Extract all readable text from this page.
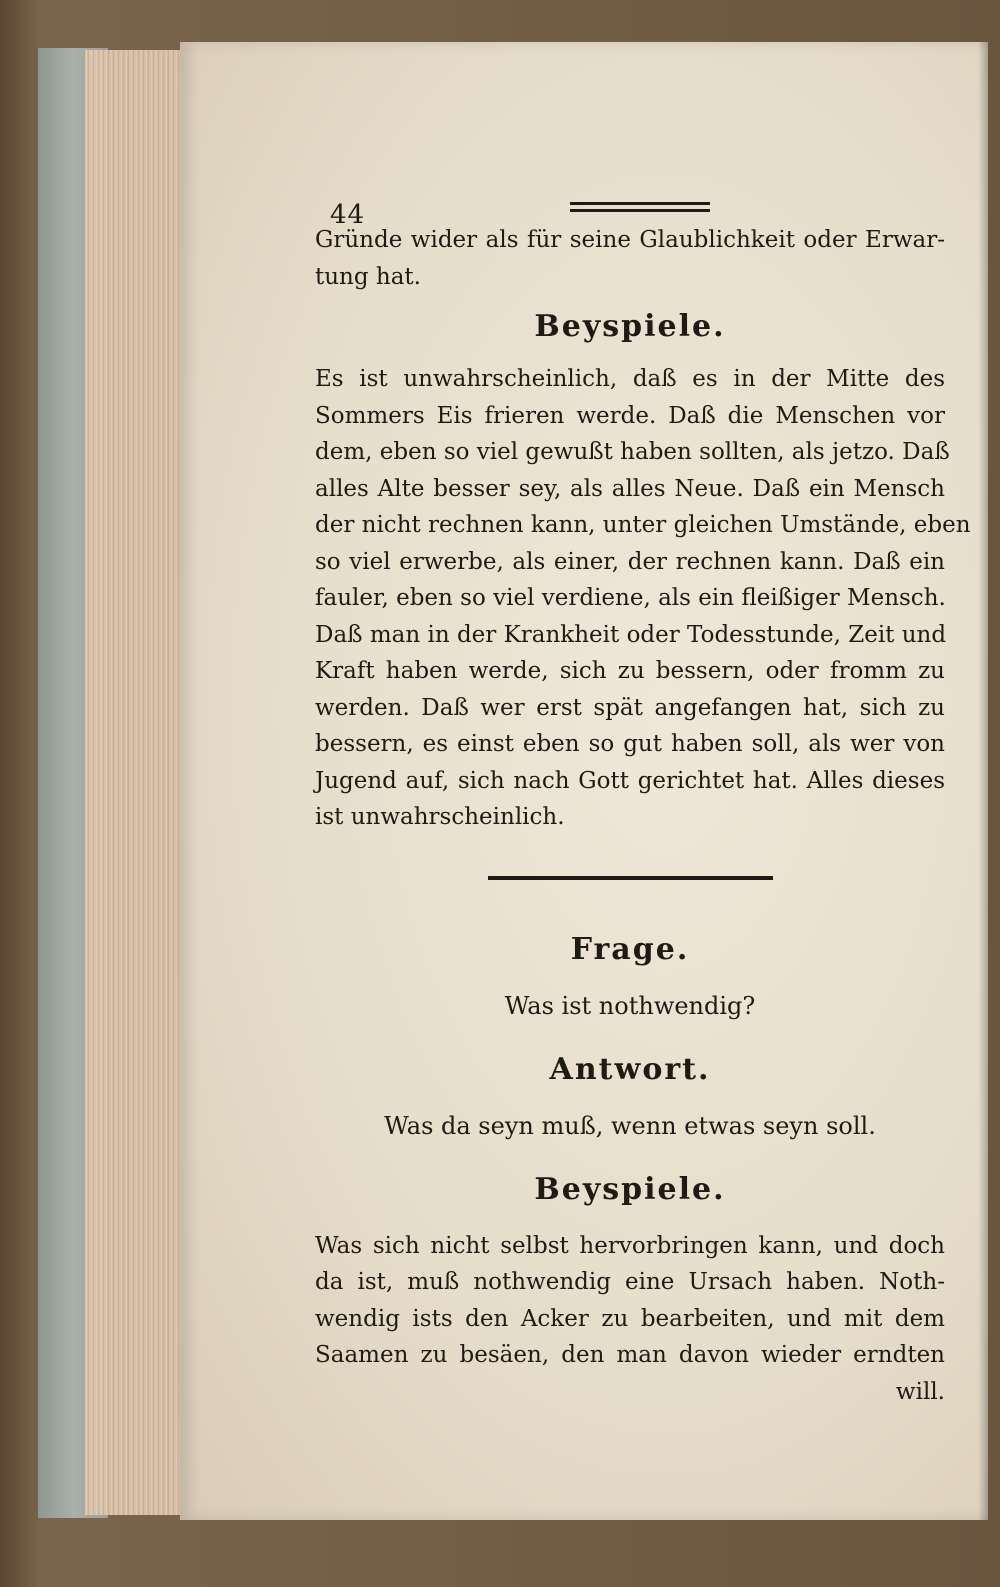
44
Gründe wider als für seine Glaublichkeit oder Erwar-
tung hat.
Beyspiele.
Es ist unwahrscheinlich, daß es in der Mitte des
Sommers Eis frieren werde. Daß die Menschen vor
dem, eben so viel gewußt haben sollten, als jetzo. Daß
alles Alte besser sey, als alles Neue. Daß ein Mensch
der nicht rechnen kann, unter gleichen Umstände, eben
so viel erwerbe, als einer, der rechnen kann. Daß ein
fauler, eben so viel verdiene, als ein fleißiger Mensch.
Daß man in der Krankheit oder Todesstunde, Zeit und
Kraft haben werde, sich zu bessern, oder fromm zu
werden. Daß wer erst spät angefangen hat, sich zu
bessern, es einst eben so gut haben soll, als wer von
Jugend auf, sich nach Gott gerichtet hat. Alles dieses
ist unwahrscheinlich.
Frage.
Was ist nothwendig?
Antwort.
Was da seyn muß, wenn etwas seyn soll.
Beyspiele.
Was sich nicht selbst hervorbringen kann, und doch
da ist, muß nothwendig eine Ursach haben. Noth-
wendig ists den Acker zu bearbeiten, und mit dem
Saamen zu besäen, den man davon wieder erndten
will.
